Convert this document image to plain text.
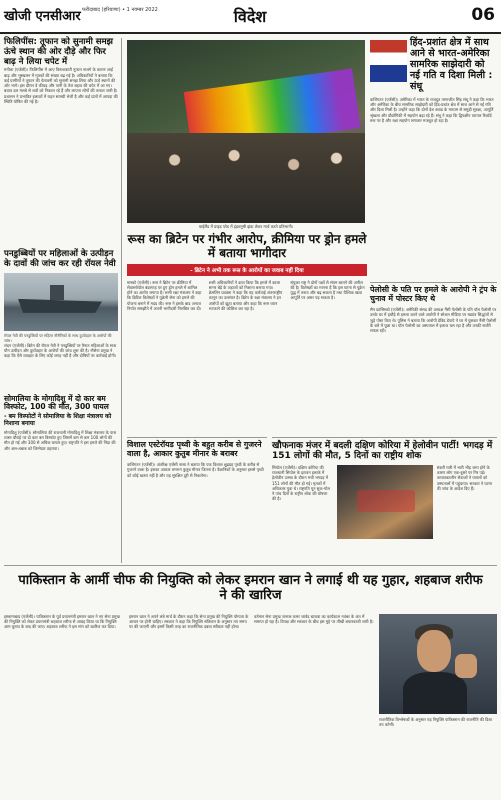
खोजी एनसीआर फरीदाबाद (हरियाणा) • 1 नवम्बर 2022	विदेश	06
फिलिपींस: तूफान को सुनामी समझ ऊंचे स्थान की ओर दौड़े और फिर बाढ़ ने लिया चपेट में
मनीला (एजेंसी)। फिलिपींस में आए विनाशकारी तूफान नालगे के कारण आई बाढ़ और भूस्खलन में मृतकों की संख्या बढ़ गई है। अधिकारियों ने बताया कि कई ग्रामीणों ने तूफान की चेतावनी को सुनामी समझ लिया और ऊंचे स्थानों की ओर भागे। इस दौरान वे कीचड़ और पानी के तेज बहाव की चपेट में आ गए। बचाव दल मलबे से शवों को निकाल रहे हैं और लापता लोगों की तलाश जारी है। प्रशासन ने प्रभावित इलाकों में राहत सामग्री भेजी है और कई प्रांतों में आपदा की स्थिति घोषित की गई है।
पनडुब्बियों पर महिलाओं के उत्पीड़न के दावों की जांच कर रही रॉयल नेवी
रॉयल नेवी की पनडुब्बियों पर महिला नौसैनिकों के साथ दुर्व्यवहार के आरोपों की जांच।
लंदन (एजेंसी)। ब्रिटेन की रॉयल नेवी ने पनडुब्बियों पर तैनात महिलाओं के साथ यौन उत्पीड़न और दुर्व्यवहार के आरोपों की जांच शुरू की है। नौसेना प्रमुख ने कहा कि ऐसे व्यवहार के लिए कोई जगह नहीं है और दोषियों पर कार्रवाई होगी।
सोमालिया के मोगादिशु में दो कार बम विस्फोट, 100 की मौत, 300 घायल
- बम विस्फोटों ने सोमालिया के शिक्षा मंत्रालय को निशाना बनाया
मोगादिशु (एजेंसी)। सोमालिया की राजधानी मोगादिशु में शिक्षा मंत्रालय के पास व्यस्त चौराहे पर दो कार बम विस्फोट हुए जिसमें कम से कम 100 लोगों की मौत हो गई और 300 से अधिक घायल हुए। राष्ट्रपति ने इस हमले की निंदा की और अल-शबाब को जिम्मेदार ठहराया।
थाईलैंड में प्राइड परेड में इंद्रधनुषी झंडा लेकर मार्च करते प्रतिभागी।
हिंद-प्रशांत क्षेत्र में साथ आने से भारत-अमेरिका सामरिक साझेदारी को नई गति व दिशा मिली : संधू
वाशिंगटन (एजेंसी)। अमेरिका में भारत के राजदूत तरणजीत सिंह संधू ने कहा कि भारत और अमेरिका के बीच सामरिक साझेदारी को हिंद-प्रशांत क्षेत्र में साथ आने से नई गति और दिशा मिली है। उन्होंने कहा कि दोनों देश क्वाड के माध्यम से समुद्री सुरक्षा, आपूर्ति श्रृंखला और प्रौद्योगिकी में सहयोग बढ़ा रहे हैं। संधू ने कहा कि द्विपक्षीय व्यापार रिकॉर्ड स्तर पर है और रक्षा सहयोग लगातार मजबूत हो रहा है।
रूस का ब्रिटेन पर गंभीर आरोप, क्रीमिया पर ड्रोन हमले में बताया भागीदार
- ब्रिटेन ने अभी तक रूस के आरोपों का जवाब नहीं दिया
मास्को (एजेंसी)। रूस ने ब्रिटेन पर क्रीमिया में सेवास्तोपोल बंदरगाह पर हुए ड्रोन हमले में शामिल होने का आरोप लगाया है। रूसी रक्षा मंत्रालय ने कहा कि ब्रिटिश विशेषज्ञों ने यूक्रेनी सेना को हमले की योजना बनाने में मदद की। रूस ने इसके बाद अनाज निर्यात समझौते में अपनी भागीदारी निलंबित कर दी।
रूसी अधिकारियों ने दावा किया कि हमले में काला सागर बेड़े के जहाजों को निशाना बनाया गया। क्रेमलिन प्रवक्ता ने कहा कि यह कार्रवाई अंतरराष्ट्रीय कानून का उल्लंघन है। ब्रिटेन के रक्षा मंत्रालय ने इन आरोपों को झूठा बताया और कहा कि रूस ध्यान भटकाने की कोशिश कर रहा है।
संयुक्त राष्ट्र ने दोनों पक्षों से संयम बरतने की अपील की है। विशेषज्ञों का मानना है कि इस घटना से यूक्रेन युद्ध में तनाव और बढ़ सकता है तथा वैश्विक खाद्य आपूर्ति पर असर पड़ सकता है।
पेलोसी के पति पर हमले के आरोपी ने ट्रंप के चुनाव में पोस्टर किए थे
सैन फ्रांसिस्को (एजेंसी)। अमेरिकी संसद की अध्यक्ष नैंसी पेलोसी के पति पॉल पेलोसी पर उनके घर में हथौड़े से हमला करने वाले आरोपी ने सोशल मीडिया पर षड्यंत्र सिद्धांतों से जुड़े पोस्ट किए थे। पुलिस ने बताया कि आरोपी डेविड डेपापे ने घर में घुसकर नैंसी पेलोसी के बारे में पूछा था। पॉल पेलोसी का अस्पताल में इलाज चल रहा है और उनकी सर्जरी सफल रही।
विशाल एस्टेरॉयड पृथ्वी के बहुत करीब से गुजरने वाला है, आकार कुतुब मीनार के बराबर
वाशिंगटन (एजेंसी)। अंतरिक्ष एजेंसी नासा ने बताया कि एक विशाल क्षुद्रग्रह पृथ्वी के करीब से गुजरने वाला है। इसका आकार लगभग कुतुब मीनार जितना है। वैज्ञानिकों के अनुसार इससे पृथ्वी को कोई खतरा नहीं है और यह सुरक्षित दूरी से निकलेगा।
खौफनाक मंजर में बदली दक्षिण कोरिया में हेलोवीन पार्टी! भगदड़ में 151 लोगों की मौत, 5 दिनों का राष्ट्रीय शोक
सियोल (एजेंसी)। दक्षिण कोरिया की राजधानी सियोल के इटावन इलाके में हेलोवीन उत्सव के दौरान मची भगदड़ में 151 लोगों की मौत हो गई। मृतकों में अधिकतर युवा थे। राष्ट्रपति यून सुक-योल ने पांच दिनों के राष्ट्रीय शोक की घोषणा की है।
संकरी गली में भारी भीड़ जमा होने के कारण लोग एक-दूसरे पर गिर पड़े। आपातकालीन सेवाओं ने घायलों को अस्पतालों में पहुंचाया। सरकार ने घटना की जांच के आदेश दिए हैं।
पाकिस्तान के आर्मी चीफ की नियुक्ति को लेकर इमरान खान ने लगाई थी यह गुहार, शहबाज शरीफ ने की खारिज
इस्लामाबाद (एजेंसी)। पाकिस्तान के पूर्व प्रधानमंत्री इमरान खान ने नए सेना प्रमुख की नियुक्ति को लेकर प्रधानमंत्री शहबाज शरीफ से आग्रह किया था कि नियुक्ति आम चुनाव के बाद की जाए। शहबाज शरीफ ने इस मांग को खारिज कर दिया।
इमरान खान ने अपने लंबे मार्च के दौरान कहा कि सेना प्रमुख की नियुक्ति योग्यता के आधार पर होनी चाहिए। सरकार ने कहा कि नियुक्ति संविधान के अनुसार तय समय पर की जाएगी और इसमें किसी तरह का राजनीतिक दबाव स्वीकार नहीं होगा।
वर्तमान सेना प्रमुख जनरल कमर जावेद बाजवा का कार्यकाल नवंबर के अंत में समाप्त हो रहा है। विपक्ष और सरकार के बीच इस मुद्दे पर तीखी बयानबाजी जारी है।
राजनीतिक विश्लेषकों के अनुसार यह नियुक्ति पाकिस्तान की राजनीति की दिशा तय करेगी।
